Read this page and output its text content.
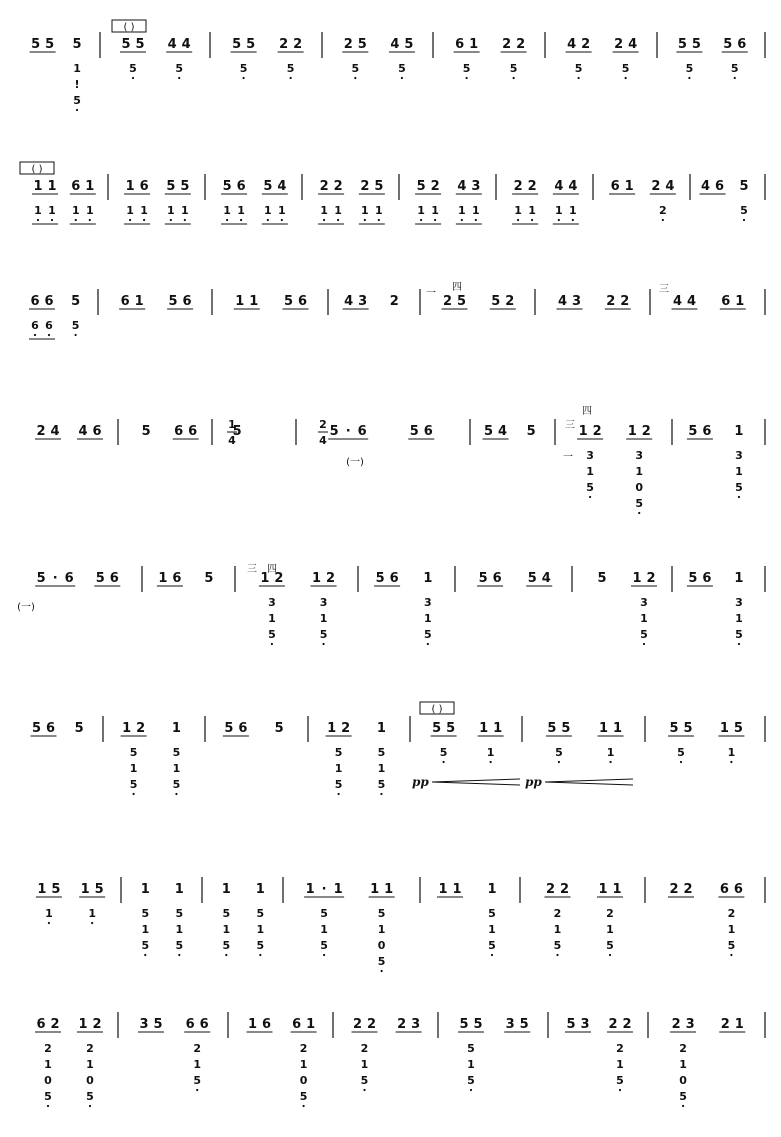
5 5 5
1
!
5
5 5 4 4
5	5
5 5 2 2
5	5
2 5 4 5
5	5
6 1 2 2
5	5
4 2 2 4
5	5
5 5 5 6
5	5
1 1 6 1
1 1 1 1
1 6 5 5
1 1 1 1
5 6 5 4
1 1 1 1
2 2 2 5
1 1 1 1
5 2 4 3
1 1 1 1
2 2 4 4
1 1 1 1
6 1 2 4
2
4 6 5
5
6 6 5
6 6 5
6 1 5 6	1 1 5 6	4 3 2	2 5 5 2	4 3 2 2	4 4 6 1
2 4 4 6	5 6 6	5	5 · 6	5 6	5 4 5	1 2 1 2
3
1
5
3
1
0
5
5 6 1
3
1
5
5 · 6 5 6	1 6 5	1 2 1 2
3
1
5
3
1
5
5 6 1
3
1
5
5 6 5 4	5 1 2
3
1
5
5 6 1
3
1
5
5 6 5	1 2 1
5
1
5
5
1
5
5 6 5	1 2 1
5
1
5
5
1
5
5 5 1 1
5	1
5 5 1 1
5	1
5 5 1 5
5	1
1 5 1 5
1	1
1 1
5
1
5
5
1
5
1 1
5
1
5
5
1
5
1 · 1 1 1
5
1
5
5
1
0
5
1 1 1
5
1
5
2 2 1 1
2
1
5
2
1
5
2 2 6 6
2
1
5
6 2 1 2
2
1
0
5
2
1
0
5
3 5 6 6
2
1
5
1 6 6 1
2
1
0
5
2 2 2 3
2
1
5
5 5 3 5
5
1
5
5 3 2 2
2
1
5
2 3 2 1
2
1
0
5
1
4
2
4
pp	pp
( )
( )
( )
(一)
(一)
三
四
三 四
三
四
一
一
